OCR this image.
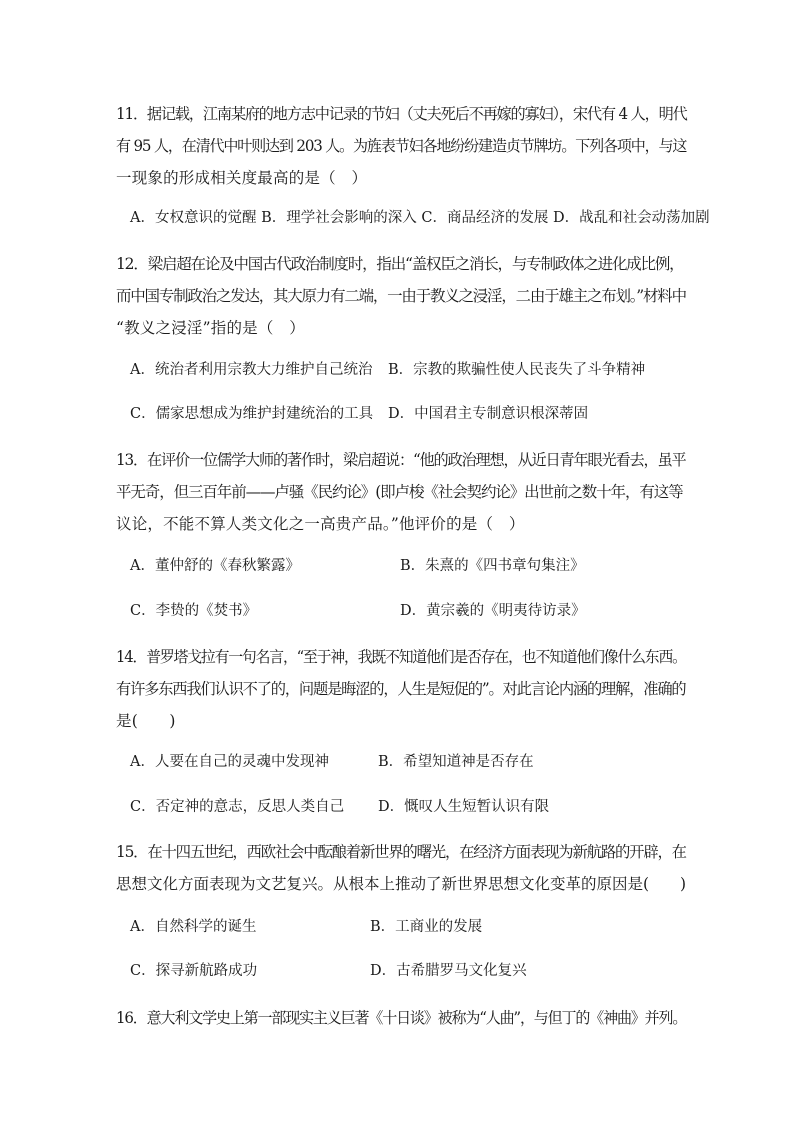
11．据记载，江南某府的地方志中记录的节妇（丈夫死后不再嫁的寡妇），宋代有 4 人，明代 有 95 人，在清代中叶则达到 203 人。为旌表节妇各地纷纷建造贞节牌坊。下列各项中，与这
一现象的形成相关度最高的是（　）
A．女权意识的觉醒 B．理学社会影响的深入 C．商品经济的发展 D．战乱和社会动荡加剧
12．梁启超在论及中国古代政治制度时，指出“盖权臣之消长，与专制政体之进化成比例，
而中国专制政治之发达，其大原力有二端，一由于教义之浸淫，二由于雄主之布划。”材料中
“教义之浸淫”指的是（　）
A．统治者利用宗教大力维护自己统治 B．宗教的欺骗性使人民丧失了斗争精神
C．儒家思想成为维护封建统治的工具 D．中国君主专制意识根深蒂固
13．在评价一位儒学大师的著作时，梁启超说：“他的政治理想，从近日青年眼光看去，虽平
平无奇，但三百年前——卢骚《民约论》(即卢梭《社会契约论》出世前之数十年，有这等
议论，不能不算人类文化之一高贵产品。”他评价的是（　）
A．董仲舒的《春秋繁露》	B．朱熹的《四书章句集注》
C．李贽的《焚书》	D．黄宗羲的《明夷待访录》
14．普罗塔戈拉有一句名言，“至于神，我既不知道他们是否存在，也不知道他们像什么东西。 有许多东西我们认识不了的，问题是晦涩的，人生是短促的”。对此言论内涵的理解，准确的
是(　　)
A．人要在自己的灵魂中发现神	B．希望知道神是否存在
C．否定神的意志，反思人类自己 D．慨叹人生短暂认识有限
15．在十四五世纪，西欧社会中酝酿着新世界的曙光，在经济方面表现为新航路的开辟，在
思想文化方面表现为文艺复兴。从根本上推动了新世界思想文化变革的原因是(　　)
A．自然科学的诞生	B．工商业的发展
C．探寻新航路成功	D．古希腊罗马文化复兴
16．意大利文学史上第一部现实主义巨著《十日谈》被称为“人曲”，与但丁的《神曲》并列。
